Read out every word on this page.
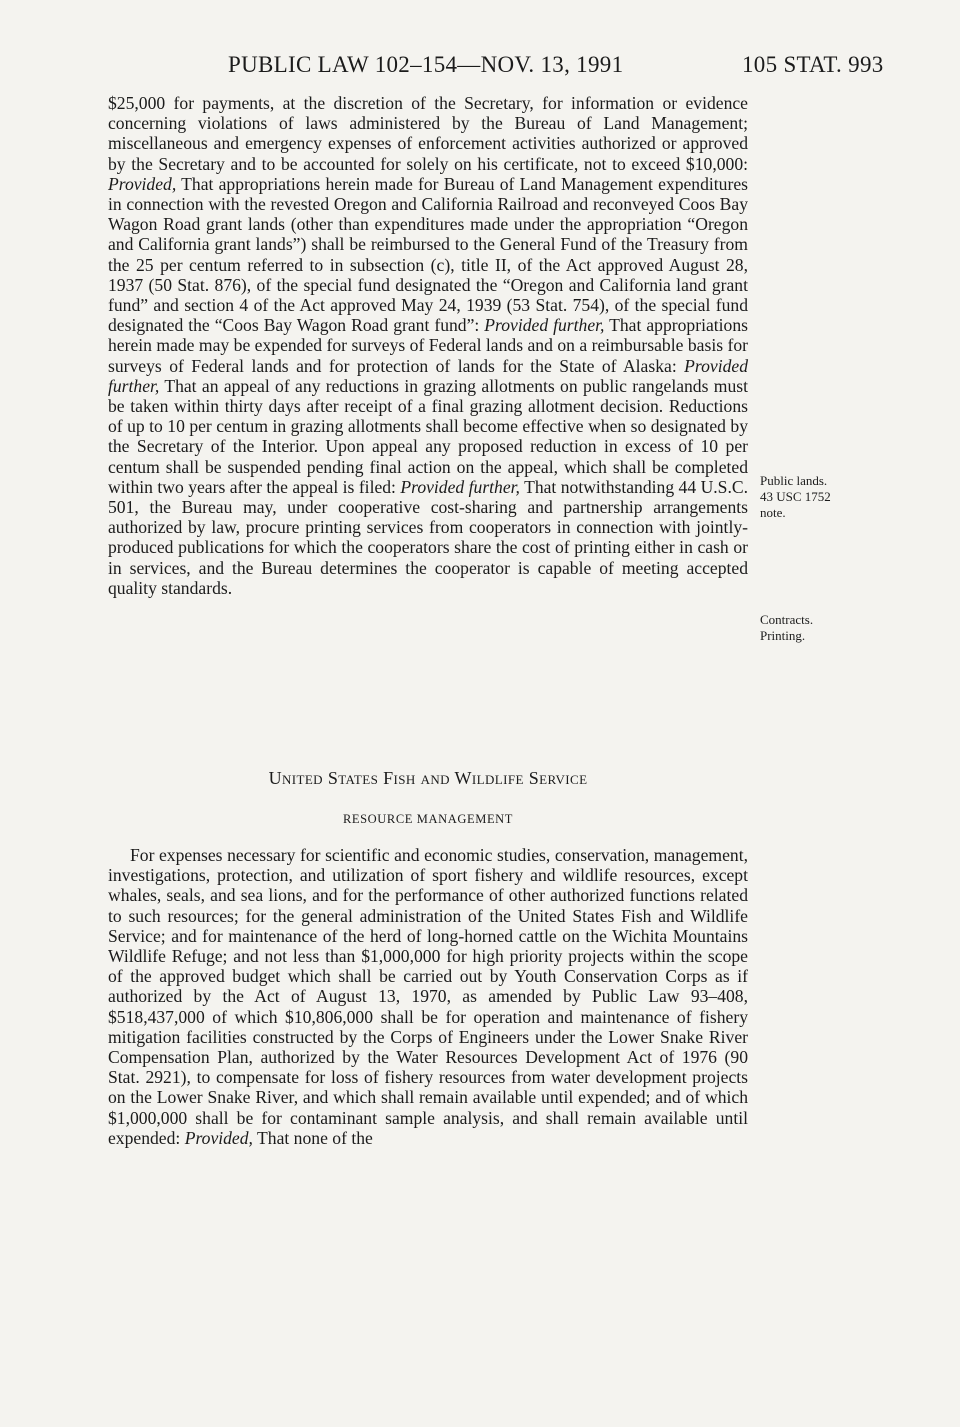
PUBLIC LAW 102–154—NOV. 13, 1991	105 STAT. 993

$25,000 for payments, at the discretion of the Secretary, for information or evidence concerning violations of laws administered by the Bureau of Land Management; miscellaneous and emergency expenses of enforcement activities authorized or approved by the Secretary and to be accounted for solely on his certificate, not to exceed $10,000: Provided, That appropriations herein made for Bureau of Land Management expenditures in connection with the revested Oregon and California Railroad and reconveyed Coos Bay Wagon Road grant lands (other than expenditures made under the appropriation “Oregon and California grant lands”) shall be reimbursed to the General Fund of the Treasury from the 25 per centum referred to in subsection (c), title II, of the Act approved August 28, 1937 (50 Stat. 876), of the special fund designated the “Oregon and California land grant fund” and section 4 of the Act approved May 24, 1939 (53 Stat. 754), of the special fund designated the “Coos Bay Wagon Road grant fund”: Provided further, That appropriations herein made may be expended for surveys of Federal lands and on a reimbursable basis for surveys of Federal lands and for protection of lands for the State of Alaska: Provided further, That an appeal of any reductions in grazing allotments on public rangelands must be taken within thirty days after receipt of a final grazing allotment decision. Reductions of up to 10 per centum in grazing allotments shall become effective when so designated by the Secretary of the Interior. Upon appeal any proposed reduction in excess of 10 per centum shall be suspended pending final action on the appeal, which shall be completed within two years after the appeal is filed: Provided further, That notwithstanding 44 U.S.C. 501, the Bureau may, under cooperative cost-sharing and partnership arrangements authorized by law, procure printing services from cooperators in connection with jointly-produced publications for which the cooperators share the cost of printing either in cash or in services, and the Bureau determines the cooperator is capable of meeting accepted quality standards.

Public lands.
43 USC 1752
note.
Contracts.
Printing.
United States Fish and Wildlife Service
RESOURCE MANAGEMENT

For expenses necessary for scientific and economic studies, conservation, management, investigations, protection, and utilization of sport fishery and wildlife resources, except whales, seals, and sea lions, and for the performance of other authorized functions related to such resources; for the general administration of the United States Fish and Wildlife Service; and for maintenance of the herd of long-horned cattle on the Wichita Mountains Wildlife Refuge; and not less than $1,000,000 for high priority projects within the scope of the approved budget which shall be carried out by Youth Conservation Corps as if authorized by the Act of August 13, 1970, as amended by Public Law 93–408, $518,437,000 of which $10,806,000 shall be for operation and maintenance of fishery mitigation facilities constructed by the Corps of Engineers under the Lower Snake River Compensation Plan, authorized by the Water Resources Development Act of 1976 (90 Stat. 2921), to compensate for loss of fishery resources from water development projects on the Lower Snake River, and which shall remain available until expended; and of which $1,000,000 shall be for contaminant sample analysis, and shall remain available until expended: Provided, That none of the
